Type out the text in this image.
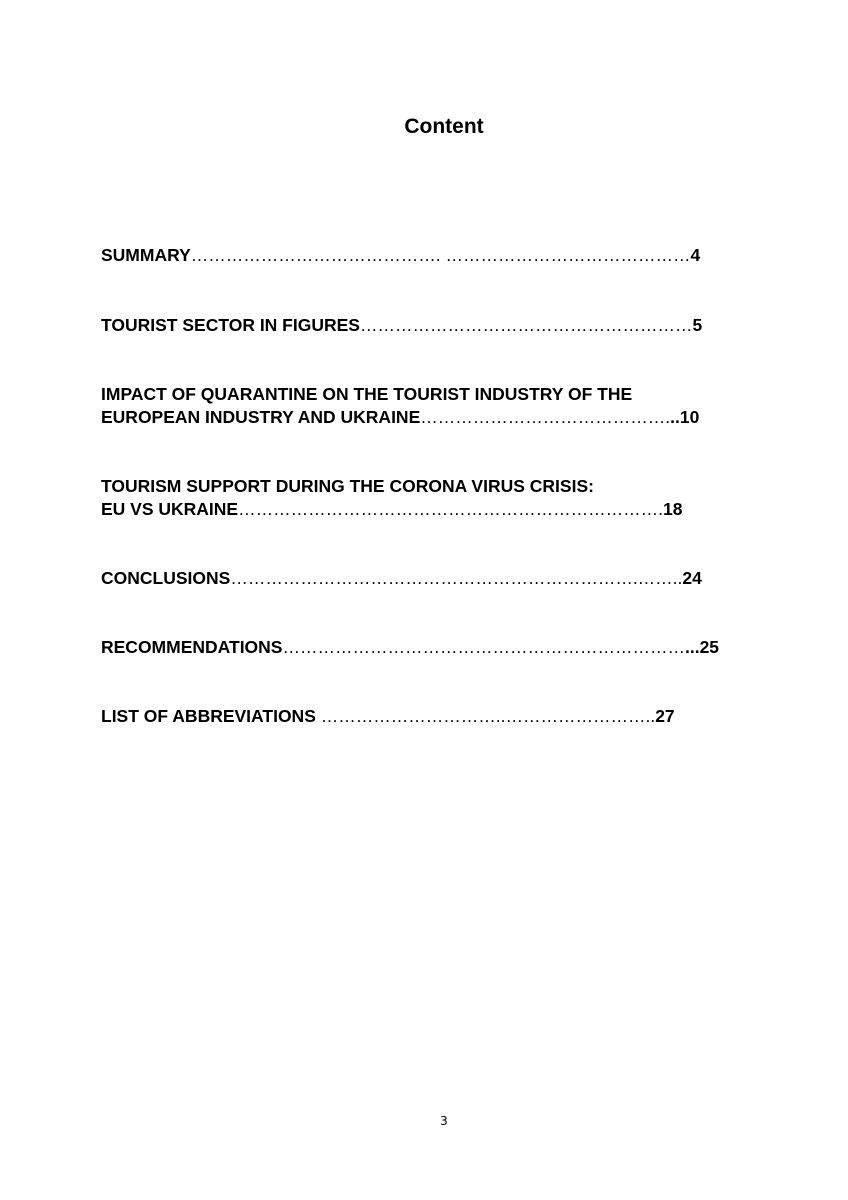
Content
SUMMARY……………………………………. ……………………………………4
TOURIST SECTOR IN FIGURES…………………………………………………5
IMPACT OF QUARANTINE ON THE TOURIST INDUSTRY OF THE
EUROPEAN INDUSTRY AND UKRAINE……………………………………...10
TOURISM SUPPORT DURING THE CORONA VIRUS CRISIS:
EU VS UKRAINE……………………………………………………………….18
CONCLUSIONS…………………………………………………………….……..24
RECOMMENDATIONS……………………………………………………………...25
LIST OF ABBREVIATIONS …………………………..……………………..27
3
